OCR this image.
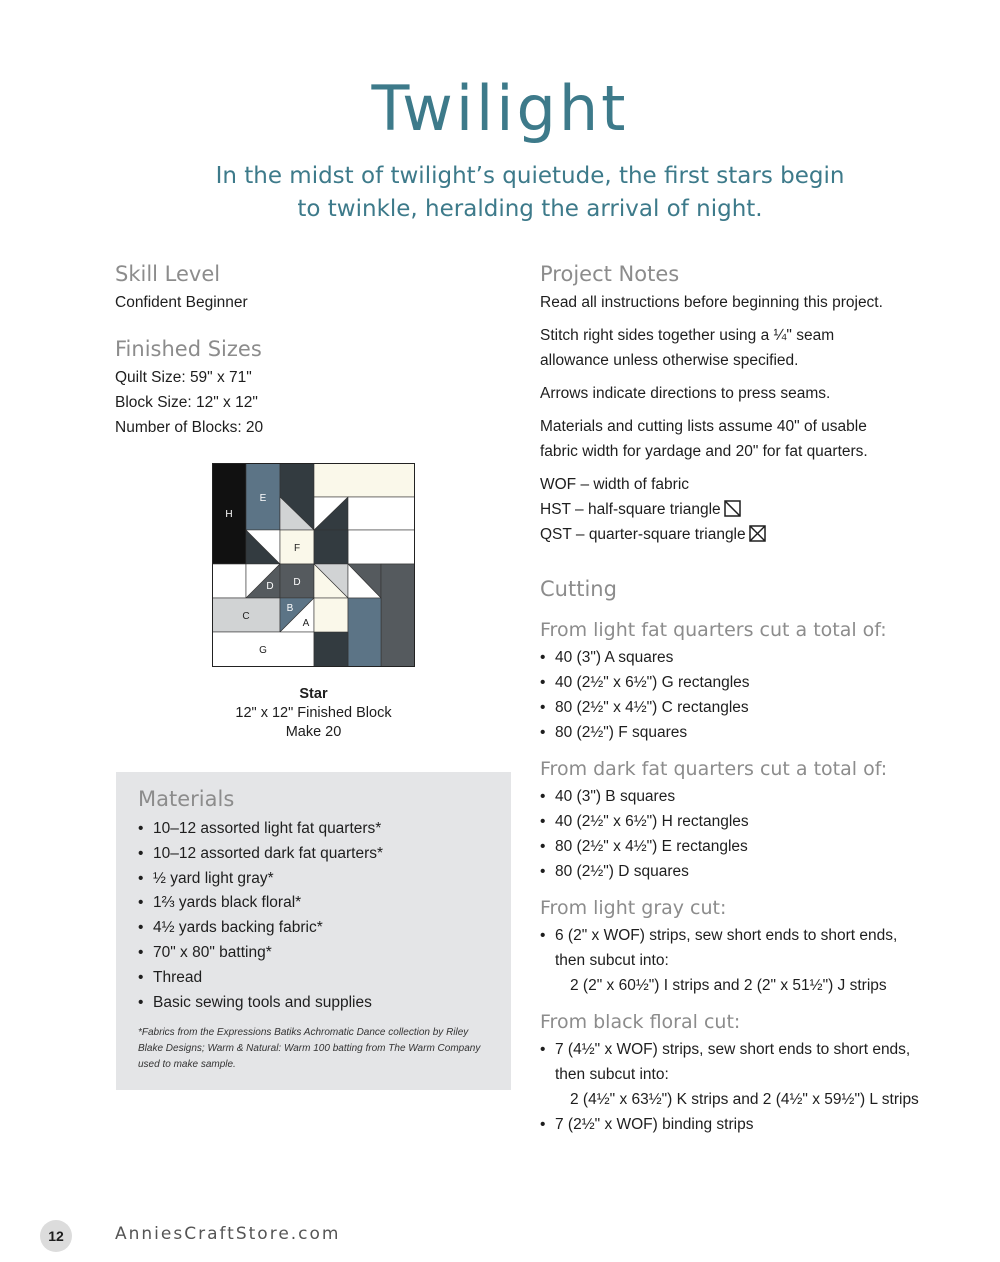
Twilight
In the midst of twilight’s quietude, the first stars begin
to twinkle, heralding the arrival of night.
Skill Level
Confident Beginner
Finished Sizes
Quilt Size: 59" x 71"
Block Size: 12" x 12"
Number of Blocks: 20
H
E
F
D D
C
B
A
G
Star
12" x 12" Finished Block
Make 20
Materials
• 10–12 assorted light fat quarters*
• 10–12 assorted dark fat quarters*
• ½ yard light gray*
• 1⅔ yards black floral*
• 4½ yards backing fabric*
• 70" x 80" batting*
• Thread
• Basic sewing tools and supplies
*Fabrics from the Expressions Batiks Achromatic Dance collection by Riley Blake Designs; Warm & Natural: Warm 100 batting from The Warm Company used to make sample.
Project Notes
Read all instructions before beginning this project.
Stitch right sides together using a ¼" seam
allowance unless otherwise specified.
Arrows indicate directions to press seams.
Materials and cutting lists assume 40" of usable
fabric width for yardage and 20" for fat quarters.
WOF – width of fabric
HST – half-square triangle
QST – quarter-square triangle
Cutting
From light fat quarters cut a total of:
• 40 (3") A squares
• 40 (2½" x 6½") G rectangles
• 80 (2½" x 4½") C rectangles
• 80 (2½") F squares
From dark fat quarters cut a total of:
• 40 (3") B squares
• 40 (2½" x 6½") H rectangles
• 80 (2½" x 4½") E rectangles
• 80 (2½") D squares
From light gray cut:
• 6 (2" x WOF) strips, sew short ends to short ends,
then subcut into:
2 (2" x 60½") I strips and 2 (2" x 51½") J strips
From black floral cut:
• 7 (4½" x WOF) strips, sew short ends to short ends,
then subcut into:
2 (4½" x 63½") K strips and 2 (4½" x 59½") L strips
• 7 (2½" x WOF) binding strips
12	AnniesCraftStore.com
